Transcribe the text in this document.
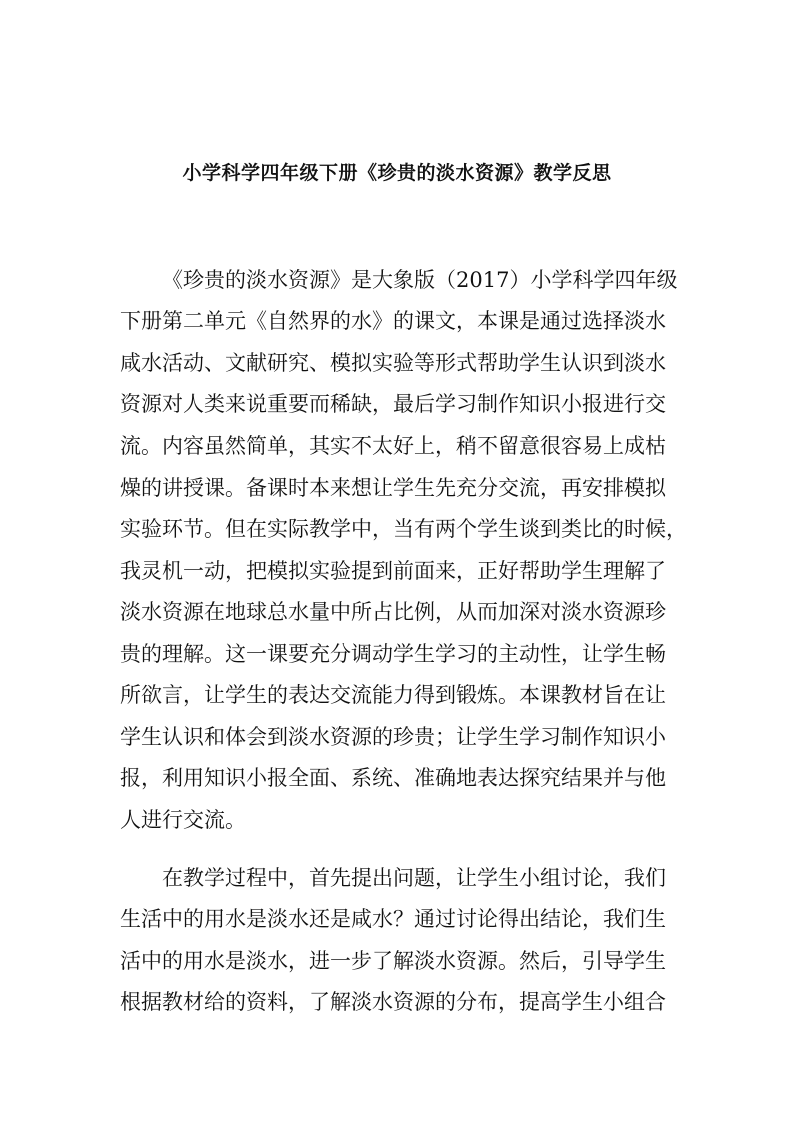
小学科学四年级下册《珍贵的淡水资源》教学反思
《珍贵的淡水资源》是大象版（2017）小学科学四年级
下册第二单元《自然界的水》的课文，本课是通过选择淡水
咸水活动、文献研究、模拟实验等形式帮助学生认识到淡水
资源对人类来说重要而稀缺，最后学习制作知识小报进行交
流。内容虽然简单，其实不太好上，稍不留意很容易上成枯
燥的讲授课。备课时本来想让学生先充分交流，再安排模拟
实验环节。但在实际教学中，当有两个学生谈到类比的时候，
我灵机一动，把模拟实验提到前面来，正好帮助学生理解了
淡水资源在地球总水量中所占比例，从而加深对淡水资源珍
贵的理解。这一课要充分调动学生学习的主动性，让学生畅
所欲言，让学生的表达交流能力得到锻炼。本课教材旨在让
学生认识和体会到淡水资源的珍贵；让学生学习制作知识小
报，利用知识小报全面、系统、准确地表达探究结果并与他
人进行交流。
在教学过程中，首先提出问题，让学生小组讨论，我们
生活中的用水是淡水还是咸水？通过讨论得出结论，我们生
活中的用水是淡水，进一步了解淡水资源。然后，引导学生
根据教材给的资料，了解淡水资源的分布，提高学生小组合
